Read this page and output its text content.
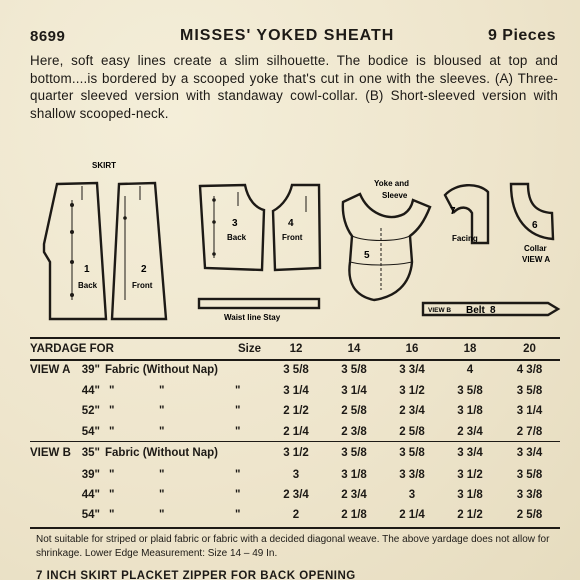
8699	MISSES' YOKED SHEATH	9 Pieces
Here, soft easy lines create a slim silhouette. The bodice is bloused at top and bottom....is bordered by a scooped yoke that's cut in one with the sleeves. (A) Three-quarter sleeved version with standaway cowl-collar. (B) Short-sleeved version with shallow scooped-neck.
SKIRT
1
Back
2
Front
3
Back
4
Front
Waist line Stay
Yoke and
Sleeve
5
7
Facing
6
Collar
VIEW A
VIEW B Belt 8
YARDAGE FOR			Size	12	14	16	18	20
VIEW A	39"	Fabric (Without Nap)		3 5/8	3 5/8	3 3/4	4	4 3/8
	44"	" "	"	3 1/4	3 1/4	3 1/2	3 5/8	3 5/8
	52"	" "	"	2 1/2	2 5/8	2 3/4	3 1/8	3 1/4
	54"	" "	"	2 1/4	2 3/8	2 5/8	2 3/4	2 7/8
VIEW B	35"	Fabric (Without Nap)		3 1/2	3 5/8	3 5/8	3 3/4	3 3/4
	39"	" "	"	3	3 1/8	3 3/8	3 1/2	3 5/8
	44"	" "	"	2 3/4	2 3/4	3	3 1/8	3 3/8
	54"	" "	"	2	2 1/8	2 1/4	2 1/2	2 5/8
Not suitable for striped or plaid fabric or fabric with a decided diagonal weave. The above yardage does not allow for shrinkage. Lower Edge Measurement: Size 14 – 49 In.
7 INCH SKIRT PLACKET ZIPPER FOR BACK OPENING
